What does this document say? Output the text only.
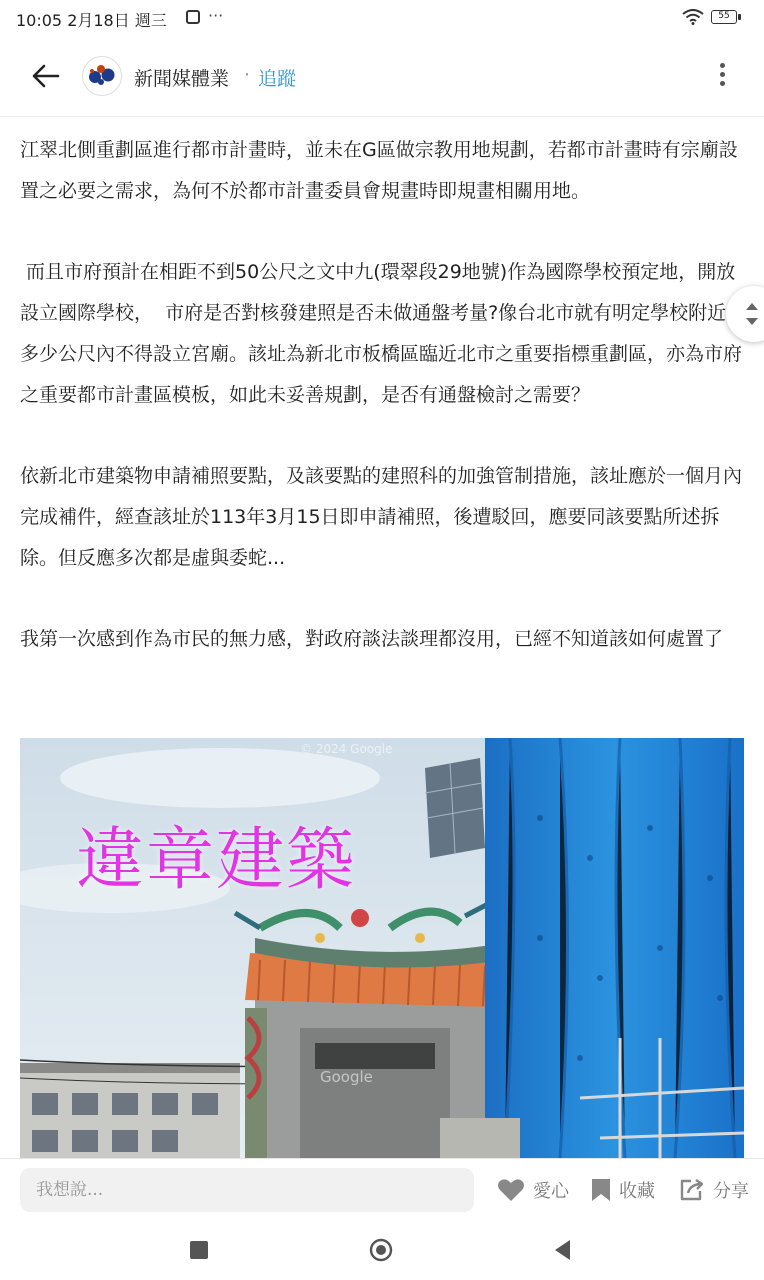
10:05 2月18日 週三	···	55
新聞媒體業 · 追蹤

江翠北側重劃區進行都市計畫時，並未在G區做宗教用地規劃，若都市計畫時有宗廟設置之必要之需求，為何不於都市計畫委員會規畫時即規畫相關用地。

而且市府預計在相距不到50公尺之文中九(環翠段29地號)作為國際學校預定地，開放設立國際學校，  市府是否對核發建照是否未做通盤考量?像台北市就有明定學校附近多少公尺內不得設立宮廟。該址為新北市板橋區臨近北市之重要指標重劃區，亦為市府之重要都市計畫區模板，如此未妥善規劃，是否有通盤檢討之需要？

依新北市建築物申請補照要點，及該要點的建照科的加強管制措施，該址應於一個月內完成補件，經查該址於113年3月15日即申請補照，後遭駁回，應要同該要點所述拆除。但反應多次都是虛與委蛇...

我第一次感到作為市民的無力感，對政府談法談理都沒用，已經不知道該如何處置了

© 2024 Google
違章建築
Google
我想說...
愛心	收藏	分享
